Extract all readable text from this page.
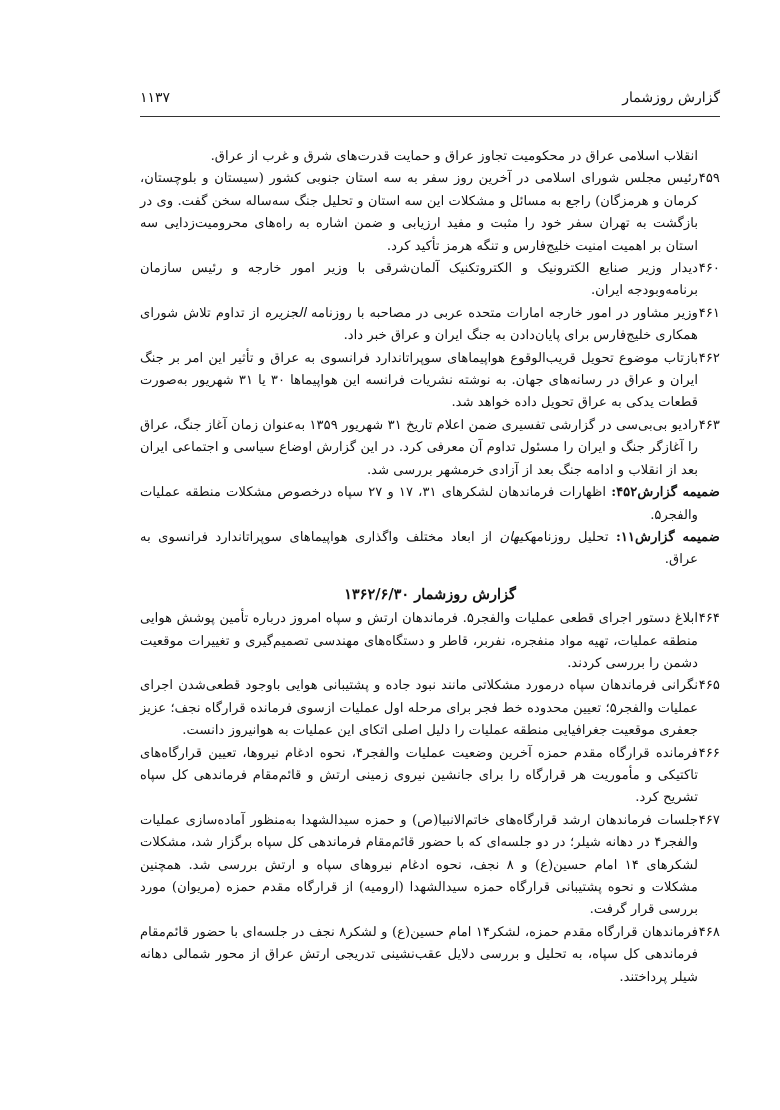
گزارش روزشمار
۱۱۳۷

انقلاب اسلامی عراق در محکومیت تجاوز عراق و حمایت قدرت‌های شرق و غرب از عراق.

۴۵۹
رئیس مجلس شورای اسلامی در آخرین روز سفر به سه استان جنوبی کشور (سیستان و بلوچستان، کرمان و هرمزگان) راجع به مسائل و مشکلات این سه استان و تحلیل جنگ سه‌ساله سخن گفت. وی در بازگشت به تهران سفر خود را مثبت و مفید ارزیابی و ضمن اشاره به راه‌های محرومیت‌زدایی سه استان بر اهمیت امنیت خلیج‌فارس و تنگه هرمز تأکید کرد.

۴۶۰
دیدار وزیر صنایع الکترونیک و الکتروتکنیک آلمان‌شرقی با وزیر امور خارجه و رئیس سازمان برنامه‌وبودجه ایران.

۴۶۱
وزیر مشاور در امور خارجه امارات متحده عربی در مصاحبه با روزنامه الجزیره از تداوم تلاش شورای همکاری خلیج‌فارس برای پایان‌دادن به جنگ ایران و عراق خبر داد.

۴۶۲
بازتاب موضوع تحویل قریب‌الوقوع هواپیماهای سوپراتاندارد فرانسوی به عراق و تأثیر این امر بر جنگ ایران و عراق در رسانه‌های جهان. به نوشته نشریات فرانسه این هواپیماها ۳۰ یا ۳۱ شهریور به‌صورت قطعات یدکی به عراق تحویل داده خواهد شد.

۴۶۳
رادیو بی‌بی‌سی در گزارشی تفسیری ضمن اعلام تاریخ ۳۱ شهریور ۱۳۵۹ به‌عنوان زمان آغاز جنگ، عراق را آغازگر جنگ و ایران را مسئول تداوم آن معرفی کرد. در این گزارش اوضاع سیاسی و اجتماعی ایران بعد از انقلاب و ادامه جنگ بعد از آزادی خرمشهر بررسی شد.

ضمیمه گزارش۴۵۲: اظهارات فرماندهان لشکرهای ۳۱، ۱۷ و ۲۷ سپاه درخصوص مشکلات منطقه عملیات والفجر۵.

ضمیمه گزارش۱۱: تحلیل روزنامهکیهان از ابعاد مختلف واگذاری هواپیماهای سوپراتاندارد فرانسوی به عراق.

گزارش روزشمار ۱۳۶۲/۶/۳۰

۴۶۴
ابلاغ دستور اجرای قطعی عملیات والفجر۵. فرماندهان ارتش و سپاه امروز درباره تأمین پوشش هوایی منطقه عملیات، تهیه مواد منفجره، نفربر، قاطر و دستگاه‌های مهندسی تصمیم‌گیری و تغییرات موقعیت دشمن را بررسی کردند.

۴۶۵
نگرانی فرماندهان سپاه درمورد مشکلاتی مانند نبود جاده و پشتیبانی هوایی باوجود قطعی‌شدن اجرای عملیات والفجر۵؛ تعیین محدوده خط فجر برای مرحله اول عملیات ازسوی فرمانده قرارگاه نجف؛ عزیز جعفری موقعیت جغرافیایی منطقه عملیات را دلیل اصلی اتکای این عملیات به هوانیروز دانست.

۴۶۶
فرمانده قرارگاه مقدم حمزه آخرین وضعیت عملیات والفجر۴، نحوه ادغام نیروها، تعیین قرارگاه‌های تاکتیکی و مأموریت هر قرارگاه را برای جانشین نیروی زمینی ارتش و قائم‌مقام فرماندهی کل سپاه تشریح کرد.

۴۶۷
جلسات فرماندهان ارشد قرارگاه‌های خاتم‌الانبیا(ص) و حمزه سیدالشهدا به‌منظور آماده‌سازی عملیات والفجر۴ در دهانه شیلر؛ در دو جلسه‌ای که با حضور قائم‌مقام فرماندهی کل سپاه برگزار شد، مشکلات لشکرهای ۱۴ امام حسین(ع) و ۸ نجف، نحوه ادغام نیروهای سپاه و ارتش بررسی شد. همچنین مشکلات و نحوه پشتیبانی قرارگاه حمزه سیدالشهدا (ارومیه) از قرارگاه مقدم حمزه (مریوان) مورد بررسی قرار گرفت.

۴۶۸
فرماندهان قرارگاه مقدم حمزه، لشکر۱۴ امام حسین(ع) و لشکر۸ نجف در جلسه‌ای با حضور قائم‌مقام فرماندهی کل سپاه، به تحلیل و بررسی دلایل عقب‌نشینی تدریجی ارتش عراق از محور شمالی دهانه شیلر پرداختند.
